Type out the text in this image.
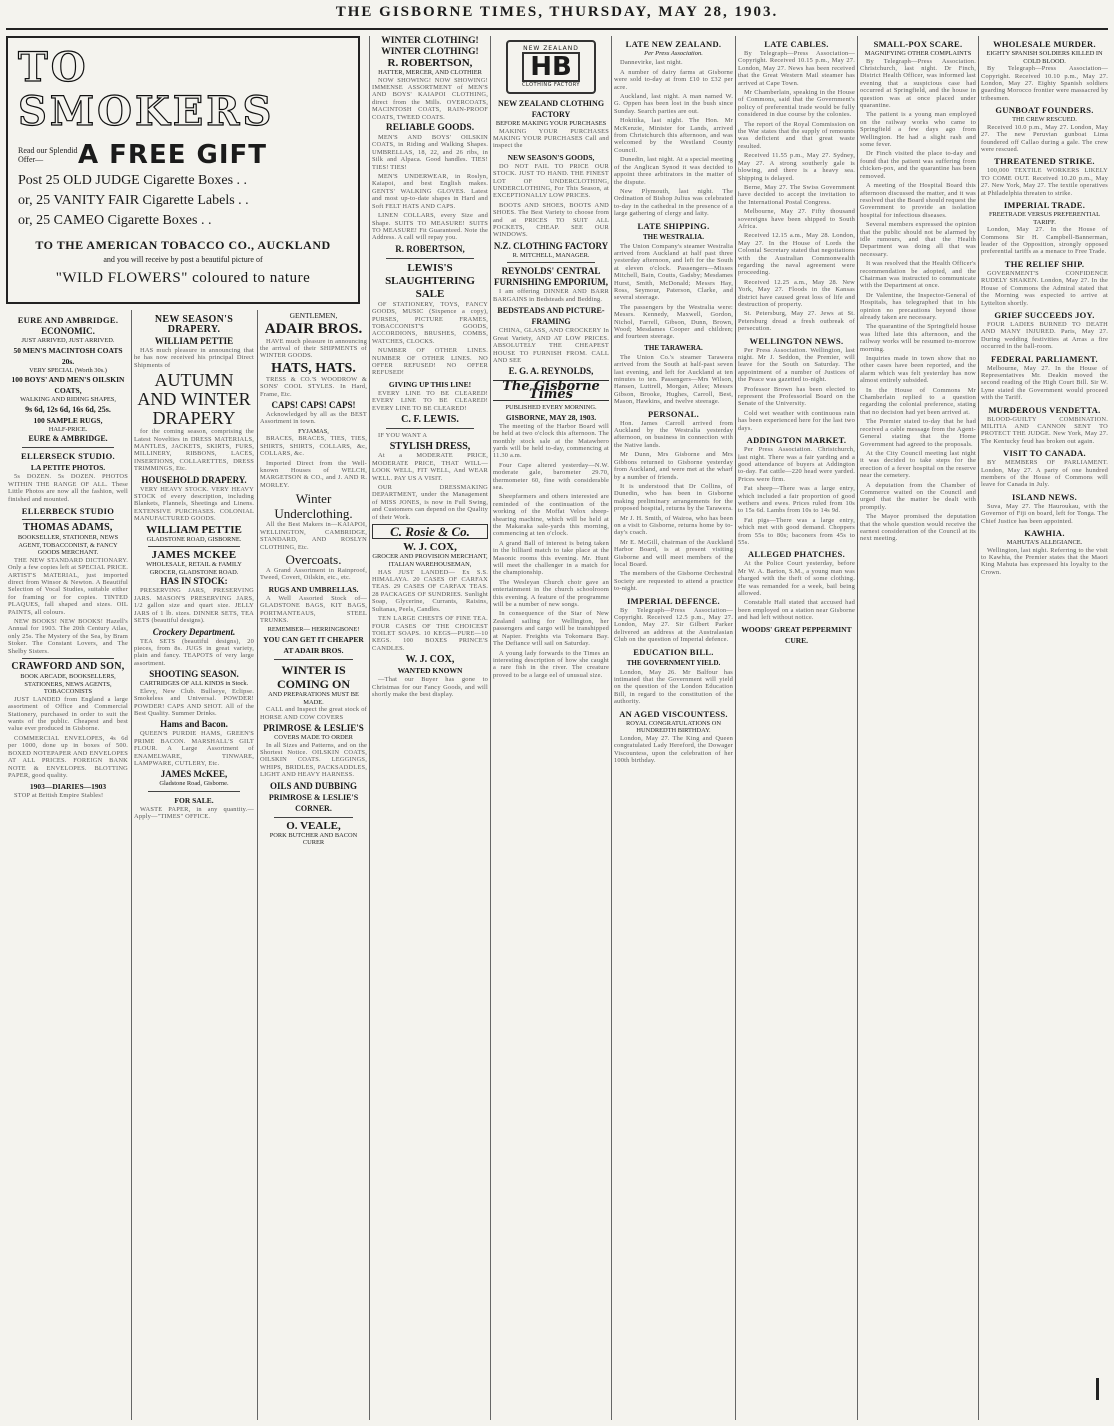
THE GISBORNE TIMES, THURSDAY, MAY 28, 1903.
TO SMOKERS
Read our Splendid Offer—	A FREE GIFT
Post 25 OLD JUDGE Cigarette Boxes . .
or, 25 VANITY FAIR Cigarette Labels . .
or, 25 CAMEO Cigarette Boxes . .
TO THE AMERICAN TOBACCO CO., AUCKLAND
and you will receive by post a beautiful picture of
"WILD FLOWERS" coloured to nature
EURE AND AMBRIDGE.
ECONOMIC.
JUST ARRIVED, JUST ARRIVED.
50 MEN'S MACINTOSH COATS 20s.
VERY SPECIAL (Worth 30s.)
100 BOYS' AND MEN'S OILSKIN COATS,
WALKING AND RIDING SHAPES,
9s 6d, 12s 6d, 16s 6d, 25s.
100 SAMPLE RUGS,
HALF-PRICE.
EURE & AMBRIDGE.
ELLERSECK STUDIO.
LA PETITE PHOTOS.

5s DOZEN. 5s DOZEN. PHOTOS WITHIN THE RANGE OF ALL. These Little Photos are now all the fashion, well finished and mounted.

ELLERBECK STUDIO
THOMAS ADAMS,
BOOKSELLER, STATIONER, NEWS AGENT, TOBACCONIST, & FANCY GOODS MERCHANT.

THE NEW STANDARD DICTIONARY. Only a few copies left at SPECIAL PRICE. ARTIST'S MATERIAL, just imported direct from Winsor & Newton. A Beautiful Selection of Vocal Studies, suitable either for framing or for copies. TINTED PLAQUES, fall shaped and sizes. OIL PAINTS, all colours.

NEW BOOKS! NEW BOOKS! Hazell's Annual for 1903. The 20th Century Atlas, only 25s. The Mystery of the Sea, by Bram Stoker. The Constant Lovers, and The Shelby Sisters.

CRAWFORD AND SON,
BOOK ARCADE, BOOKSELLERS, STATIONERS, NEWS AGENTS, TOBACCONISTS

JUST LANDED from England a large assortment of Office and Commercial Stationery, purchased in order to suit the wants of the public. Cheapest and best value ever produced in Gisborne.

COMMERCIAL ENVELOPES, 4s 6d per 1000, done up in boxes of 500. BOXED NOTEPAPER AND ENVELOPES AT ALL PRICES. FOREIGN BANK NOTE & ENVELOPES. BLOTTING PAPER, good quality.

1903—DIARIES—1903

STOP at British Empire Stables!

NEW SEASON'S DRAPERY.
WILLIAM PETTIE

HAS much pleasure in announcing that he has now received his principal Direct Shipments of

AUTUMN AND WINTER DRAPERY

for the coming season, comprising the Latest Novelties in DRESS MATERIALS, MANTLES, JACKETS, SKIRTS, FURS, MILLINERY, RIBBONS, LACES, INSERTIONS, COLLARETTES, DRESS TRIMMINGS, Etc.

HOUSEHOLD DRAPERY.

VERY HEAVY STOCK. VERY HEAVY STOCK of every description, including Blankets, Flannels, Sheetings and Linens. EXTENSIVE PURCHASES. COLONIAL MANUFACTURED GOODS.

WILLIAM PETTIE
GLADSTONE ROAD, GISBORNE.
JAMES MCKEE
WHOLESALE, RETAIL & FAMILY GROCER, GLADSTONE ROAD.
HAS IN STOCK:

PRESERVING JARS, PRESERVING JARS. MASON'S PRESERVING JARS, 1/2 gallon size and quart size. JELLY JARS of 1 lb. sizes. DINNER SETS, TEA SETS (beautiful designs).

Crockery Department.

TEA SETS (beautiful designs), 20 pieces, from 8s. JUGS in great variety, plain and fancy. TEAPOTS of very large assortment.

SHOOTING SEASON.
CARTRIDGES OF ALL KINDS in Stock.

Elevy, New Club. Bullseye, Eclipse. Smokeless and Universal. POWDER! POWDER! CAPS AND SHOT. All of the Best Quality. Summer Drinks.

Hams and Bacon.

QUEEN'S PURDIE HAMS, GREEN'S PRIME BACON. MARSHALL'S GILT FLOUR. A Large Assortment of ENAMELWARE, TINWARE, LAMPWARE, CUTLERY, Etc.

JAMES McKEE,
Gladstone Road, Gisborne.
FOR SALE.

WASTE PAPER, in any quantity.—Apply—"TIMES" OFFICE.

GENTLEMEN,
ADAIR BROS.

HAVE much pleasure in announcing the arrival of their SHIPMENTS of WINTER GOODS.

HATS, HATS.

TRESS & CO.'S WOODROW & SONS' COOL STYLES. In Hard, Frame, Etc.

CAPS! CAPS! CAPS!

Acknowledged by all as the BEST Assortment in town.

FYJAMAS,

BRACES, BRACES, TIES, TIES, SHIRTS, SHIRTS, COLLARS, &c, COLLARS, &c.

Imported Direct from the Well-known Houses of WELCH, MARGETSON & CO., and J. AND R. MORLEY.

Winter Underclothing.

All the Best Makers in—KAIAPOI, WELLINGTON, CAMBRIDGE, STANDARD, AND ROSLYN CLOTHING, Etc.

Overcoats.

A Grand Assortment in Rainproof, Tweed, Covert, Oilskin, etc., etc.

RUGS AND UMBRELLAS.

A Well Assorted Stock of— GLADSTONE BAGS, KIT BAGS, PORTMANTEAUS, STEEL TRUNKS.

REMEMBER— HERRINGBONE!
YOU CAN GET IT CHEAPER AT ADAIR BROS.
WINTER IS COMING ON
AND PREPARATIONS MUST BE MADE.

CALL and Inspect the great stock of HORSE AND COW COVERS

PRIMROSE & LESLIE'S
COVERS MADE TO ORDER

In all Sizes and Patterns, and on the Shortest Notice. OILSKIN COATS, OILSKIN COATS. LEGGINGS, WHIPS, BRIDLES, PACKSADDLES, LIGHT AND HEAVY HARNESS.

OILS AND DUBBING
PRIMROSE & LESLIE'S CORNER.
O. VEALE,
PORK BUTCHER AND BACON CURER
WINTER CLOTHING! WINTER CLOTHING!
R. ROBERTSON,
HATTER, MERCER, AND CLOTHIER

NOW SHOWING! NOW SHOWING! IMMENSE ASSORTMENT of MEN'S AND BOYS' KAIAPOI CLOTHING, direct from the Mills. OVERCOATS, MACINTOSH COATS, RAIN-PROOF COATS, TWEED COATS.

RELIABLE GOODS.

MEN'S AND BOYS' OILSKIN COATS, in Riding and Walking Shapes. UMBRELLAS, 18, 22, and 26 ribs, in Silk and Alpaca. Good handles. TIES! TIES! TIES!

MEN'S UNDERWEAR, in Roslyn, Kaiapoi, and best English makes. GENTS' WALKING GLOVES. Latest and most up-to-date shapes in Hard and Soft FELT HATS AND CAPS.

LINEN COLLARS, every Size and Shape. SUITS TO MEASURE! SUITS TO MEASURE! Fit Guaranteed. Note the Address. A call will repay you.

R. ROBERTSON,
LEWIS'S SLAUGHTERING SALE

OF STATIONERY, TOYS, FANCY GOODS, MUSIC (Sixpence a copy), PURSES, PICTURE FRAMES, TOBACCONIST'S GOODS, ACCORDIONS, BRUSHES, COMBS, WATCHES, CLOCKS.

NUMBER OF OTHER LINES. NUMBER OF OTHER LINES. NO OFFER REFUSED! NO OFFER REFUSED!

GIVING UP THIS LINE!

EVERY LINE TO BE CLEARED! EVERY LINE TO BE CLEARED! EVERY LINE TO BE CLEARED!

C. F. LEWIS.

IF YOU WANT A

STYLISH DRESS,

At a MODERATE PRICE, MODERATE PRICE, THAT WILL— LOOK WELL, FIT WELL, And WEAR WELL. PAY US A VISIT.

OUR DRESSMAKING DEPARTMENT, under the Management of MISS JONES, is now in Full Swing, and Customers can depend on the Quality of their Work.

C. Rosie & Co.
W. J. COX,
GROCER AND PROVISION MERCHANT, ITALIAN WAREHOUSEMAN,

HAS JUST LANDED— Ex S.S. HIMALAYA. 20 CASES OF CARFAX TEAS. 29 CASES OF CARFAX TEAS. 28 PACKAGES OF SUNDRIES. Sunlight Soap, Glycerine, Currants, Raisins, Sultanas, Peels, Candles.

TEN LARGE CHESTS OF FINE TEA. FOUR CASES OF THE CHOICEST TOILET SOAPS. 10 KEGS—PURE—10 KEGS. 100 BOXES PRINCE'S CANDLES.

W. J. COX,
WANTED KNOWN

—That our Buyer has gone to Christmas for our Fancy Goods, and will shortly make the best display.

NEW ZEALAND
HB
CLOTHING FACTORY
NEW ZEALAND CLOTHING FACTORY
BEFORE MAKING YOUR PURCHASES

MAKING YOUR PURCHASES MAKING YOUR PURCHASES Call and inspect the

NEW SEASON'S GOODS,

DO NOT FAIL TO PRICE OUR STOCK. JUST TO HAND. THE FINEST LOT OF UNDERCLOTHING, UNDERCLOTHING, For This Season, at EXCEPTIONALLY LOW PRICES.

BOOTS AND SHOES, BOOTS AND SHOES. The Best Variety to choose from and at PRICES TO SUIT ALL POCKETS, CHEAP. SEE OUR WINDOWS.

N.Z. CLOTHING FACTORY
R. MITCHELL, MANAGER.
REYNOLDS' CENTRAL FURNISHING EMPORIUM,

I am offering DINNER AND BARR BARGAINS in Bedsteads and Bedding.

BEDSTEADS AND PICTURE-FRAMING

CHINA, GLASS, AND CROCKERY In Great Variety, AND AT LOW PRICES. ABSOLUTELY THE CHEAPEST HOUSE TO FURNISH FROM. CALL AND SEE

E. G. A. REYNOLDS,
The Gisborne Times
PUBLISHED EVERY MORNING.
GISBORNE, MAY 28, 1903.

The meeting of the Harbor Board will be held at two o'clock this afternoon. The monthly stock sale at the Matawhero yards will be held to-day, commencing at 11.30 a.m.

Four Cape altered yesterday—N.W. moderate gale, barometer 29.70, thermometer 60, fine with considerable sea.

Sheepfarmers and others interested are reminded of the continuation of the working of the Moffat Velox sheep-shearing machine, which will be held at the Makaraka sale-yards this morning, commencing at ten o'clock.

A grand Ball of interest is being taken in the billiard match to take place at the Masonic rooms this evening. Mr. Hunt will meet the challenger in a match for the championship.

The Wesleyan Church choir gave an entertainment in the church schoolroom this evening. A feature of the programme will be a number of new songs.

In consequence of the Star of New Zealand sailing for Wellington, her passengers and cargo will be transhipped at Napier. Freights via Tokomaru Bay. The Defiance will sail on Saturday.

A young lady forwards to the Times an interesting description of how she caught a rare fish in the river. The creature proved to be a large eel of unusual size.

LATE NEW ZEALAND.
Per Press Association.

Dannevirke, last night.

A number of dairy farms at Gisborne were sold to-day at from £10 to £32 per acre.

Auckland, last night. A man named W. G. Oppen has been lost in the bush since Sunday. Search parties are out.

Hokitika, last night. The Hon. Mr McKenzie, Minister for Lands, arrived from Christchurch this afternoon, and was welcomed by the Westland County Council.

Dunedin, last night. At a special meeting of the Anglican Synod it was decided to appoint three arbitrators in the matter of the dispute.

New Plymouth, last night. The Ordination of Bishop Julius was celebrated to-day in the cathedral in the presence of a large gathering of clergy and laity.

LATE SHIPPING.
THE WESTRALIA.

The Union Company's steamer Westralia arrived from Auckland at half past three yesterday afternoon, and left for the South at eleven o'clock. Passengers—Misses Mitchell, Bain, Coutts, Gadsby; Mesdames Hurst, Smith, McDonald; Messrs Hay, Ross, Seymour, Paterson, Clarke, and several steerage.

The passengers by the Westralia were: Messrs. Kennedy, Maxwell, Gordon, Nichol, Farrell, Gibson, Dunn, Brown, Wood; Mesdames Cooper and children; and fourteen steerage.

THE TARAWERA.

The Union Co.'s steamer Tarawera arrived from the South at half-past seven last evening, and left for Auckland at ten minutes to ten. Passengers—Mrs Wilson, Hansen, Luttrell, Morgan, Atlee; Messrs Gibson, Brooke, Hughes, Carroll, Best, Mason, Hawkins, and twelve steerage.

PERSONAL.

Hon. James Carroll arrived from Auckland by the Westralia yesterday afternoon, on business in connection with the Native lands.

Mr Dunn, Mrs Gisborne and Mrs Gibbons returned to Gisborne yesterday from Auckland, and were met at the wharf by a number of friends.

It is understood that Dr Collins, of Dunedin, who has been in Gisborne making preliminary arrangements for the proposed hospital, returns by the Tarawera.

Mr J. H. Smith, of Wairoa, who has been on a visit to Gisborne, returns home by to-day's coach.

Mr E. McGill, chairman of the Auckland Harbor Board, is at present visiting Gisborne and will meet members of the local Board.

The members of the Gisborne Orchestral Society are requested to attend a practice to-night.

IMPERIAL DEFENCE.

By Telegraph—Press Association—Copyright. Received 12.5 p.m., May 27. London, May 27. Sir Gilbert Parker delivered an address at the Australasian Club on the question of Imperial defence.

EDUCATION BILL.
THE GOVERNMENT YIELD.

London, May 26. Mr Balfour has intimated that the Government will yield on the question of the London Education Bill, in regard to the constitution of the authority.

AN AGED VISCOUNTESS.
ROYAL CONGRATULATIONS ON HUNDREDTH BIRTHDAY.

London, May 27. The King and Queen congratulated Lady Hereford, the Dowager Viscountess, upon the celebration of her 100th birthday.

LATE CABLES.

By Telegraph—Press Association—Copyright. Received 10.15 p.m., May 27. London, May 27. News has been received that the Great Western Mail steamer has arrived at Cape Town.

Mr Chamberlain, speaking in the House of Commons, said that the Government's policy of preferential trade would be fully considered in due course by the colonies.

The report of the Royal Commission on the War states that the supply of remounts was deficient and that great waste resulted.

Received 11.55 p.m., May 27. Sydney, May 27. A strong southerly gale is blowing, and there is a heavy sea. Shipping is delayed.

Berne, May 27. The Swiss Government have decided to accept the invitation to the International Postal Congress.

Melbourne, May 27. Fifty thousand sovereigns have been shipped to South Africa.

Received 12.15 a.m., May 28. London, May 27. In the House of Lords the Colonial Secretary stated that negotiations with the Australian Commonwealth regarding the naval agreement were proceeding.

Received 12.25 a.m., May 28. New York, May 27. Floods in the Kansas district have caused great loss of life and destruction of property.

St. Petersburg, May 27. Jews at St. Petersburg dread a fresh outbreak of persecution.

WELLINGTON NEWS.

Per Press Association. Wellington, last night. Mr J. Seddon, the Premier, will leave for the South on Saturday. The appointment of a number of Justices of the Peace was gazetted to-night.

Professor Brown has been elected to represent the Professorial Board on the Senate of the University.

Cold wet weather with continuous rain has been experienced here for the last two days.

ADDINGTON MARKET.

Per Press Association. Christchurch, last night. There was a fair yarding and a good attendance of buyers at Addington to-day. Fat cattle—220 head were yarded. Prices were firm.

Fat sheep—There was a large entry, which included a fair proportion of good wethers and ewes. Prices ruled from 10s to 15s 6d. Lambs from 10s to 14s 9d.

Fat pigs—There was a large entry, which met with good demand. Choppers from 55s to 80s; baconers from 45s to 55s.

ALLEGED PHATCHES.

At the Police Court yesterday, before Mr W. A. Barton, S.M., a young man was charged with the theft of some clothing. He was remanded for a week, bail being allowed.

Constable Hall stated that accused had been employed on a station near Gisborne and had left without notice.

WOODS' GREAT PEPPERMINT CURE.
SMALL-POX SCARE.
MAGNIFYING OTHER COMPLAINTS

By Telegraph—Press Association. Christchurch, last night. Dr Finch, District Health Officer, was informed last evening that a suspicious case had occurred at Springfield, and the house in question was at once placed under quarantine.

The patient is a young man employed on the railway works who came to Springfield a few days ago from Wellington. He had a slight rash and some fever.

Dr Finch visited the place to-day and found that the patient was suffering from chicken-pox, and the quarantine has been removed.

A meeting of the Hospital Board this afternoon discussed the matter, and it was resolved that the Board should request the Government to provide an isolation hospital for infectious diseases.

Several members expressed the opinion that the public should not be alarmed by idle rumours, and that the Health Department was doing all that was necessary.

It was resolved that the Health Officer's recommendation be adopted, and the Chairman was instructed to communicate with the Department at once.

Dr Valentine, the Inspector-General of Hospitals, has telegraphed that in his opinion no precautions beyond those already taken are necessary.

The quarantine of the Springfield house was lifted late this afternoon, and the railway works will be resumed to-morrow morning.

Inquiries made in town show that no other cases have been reported, and the alarm which was felt yesterday has now almost entirely subsided.

In the House of Commons Mr Chamberlain replied to a question regarding the colonial preference, stating that no decision had yet been arrived at.

The Premier stated to-day that he had received a cable message from the Agent-General stating that the Home Government had agreed to the proposals.

At the City Council meeting last night it was decided to take steps for the erection of a fever hospital on the reserve near the cemetery.

A deputation from the Chamber of Commerce waited on the Council and urged that the matter be dealt with promptly.

The Mayor promised the deputation that the whole question would receive the earnest consideration of the Council at its next meeting.

WHOLESALE MURDER.
EIGHTY SPANISH SOLDIERS KILLED IN COLD BLOOD.

By Telegraph—Press Association—Copyright. Received 10.10 p.m., May 27. London, May 27. Eighty Spanish soldiers guarding Morocco frontier were massacred by tribesmen.

GUNBOAT FOUNDERS.
THE CREW RESCUED.

Received 10.0 p.m., May 27. London, May 27. The new Peruvian gunboat Lima foundered off Callao during a gale. The crew were rescued.

THREATENED STRIKE.

100,000 TEXTILE WORKERS LIKELY TO COME OUT. Received 10.20 p.m., May 27. New York, May 27. The textile operatives at Philadelphia threaten to strike.

IMPERIAL TRADE.
FREETRADE VERSUS PREFERENTIAL TARIFF.

London, May 27. In the House of Commons Sir H. Campbell-Bannerman, leader of the Opposition, strongly opposed preferential tariffs as a menace to Free Trade.

THE RELIEF SHIP.

GOVERNMENT'S CONFIDENCE RUDELY SHAKEN. London, May 27. In the House of Commons the Admiral stated that the Morning was expected to arrive at Lyttelton shortly.

GRIEF SUCCEEDS JOY.

FOUR LADIES BURNED TO DEATH AND MANY INJURED. Paris, May 27. During wedding festivities at Arras a fire occurred in the ball-room.

FEDERAL PARLIAMENT.

Melbourne, May 27. In the House of Representatives Mr. Deakin moved the second reading of the High Court Bill. Sir W. Lyne stated the Government would proceed with the Tariff.

MURDEROUS VENDETTA.

BLOOD-GUILTY COMBINATION. MILITIA AND CANNON SENT TO PROTECT THE JUDGE. New York, May 27. The Kentucky feud has broken out again.

VISIT TO CANADA.

BY MEMBERS OF PARLIAMENT. London, May 27. A party of one hundred members of the House of Commons will leave for Canada in July.

ISLAND NEWS.

Suva, May 27. The Hauroukau, with the Governor of Fiji on board, left for Tonga. The Chief Justice has been appointed.

KAWHIA.
MAHUTA'S ALLEGIANCE.

Wellington, last night. Referring to the visit to Kawhia, the Premier states that the Maori King Mahuta has expressed his loyalty to the Crown.
